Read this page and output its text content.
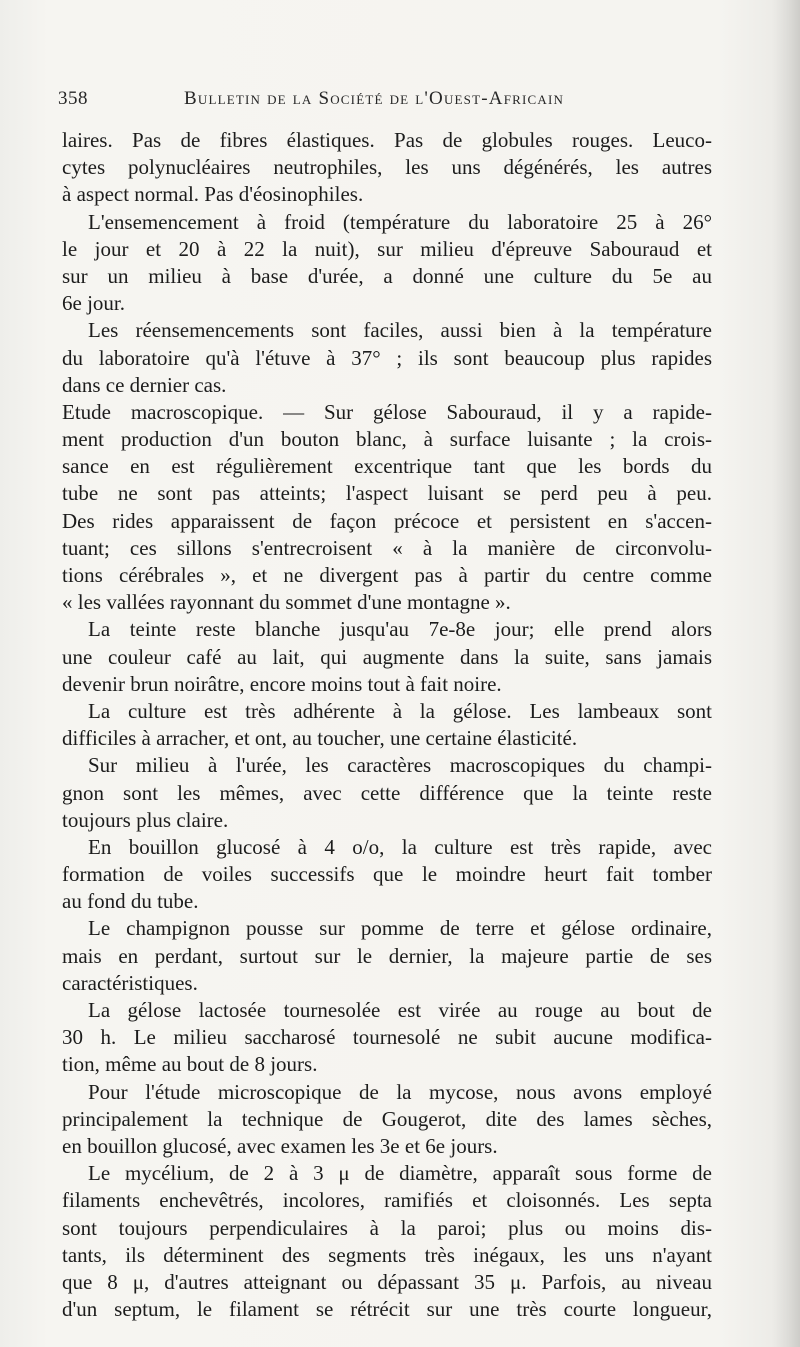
358	Bulletin de la Société de l'Ouest-Africain
laires. Pas de fibres élastiques. Pas de globules rouges. Leuco-
cytes polynucléaires neutrophiles, les uns dégénérés, les autres
à aspect normal. Pas d'éosinophiles.
L'ensemencement à froid (température du laboratoire 25 à 26°
le jour et 20 à 22 la nuit), sur milieu d'épreuve Sabouraud et
sur un milieu à base d'urée, a donné une culture du 5e au
6e jour.
Les réensemencements sont faciles, aussi bien à la température
du laboratoire qu'à l'étuve à 37° ; ils sont beaucoup plus rapides
dans ce dernier cas.
Etude macroscopique. — Sur gélose Sabouraud, il y a rapide-
ment production d'un bouton blanc, à surface luisante ; la crois-
sance en est régulièrement excentrique tant que les bords du
tube ne sont pas atteints; l'aspect luisant se perd peu à peu.
Des rides apparaissent de façon précoce et persistent en s'accen-
tuant; ces sillons s'entrecroisent « à la manière de circonvolu-
tions cérébrales », et ne divergent pas à partir du centre comme
« les vallées rayonnant du sommet d'une montagne ».
La teinte reste blanche jusqu'au 7e-8e jour; elle prend alors
une couleur café au lait, qui augmente dans la suite, sans jamais
devenir brun noirâtre, encore moins tout à fait noire.
La culture est très adhérente à la gélose. Les lambeaux sont
difficiles à arracher, et ont, au toucher, une certaine élasticité.
Sur milieu à l'urée, les caractères macroscopiques du champi-
gnon sont les mêmes, avec cette différence que la teinte reste
toujours plus claire.
En bouillon glucosé à 4 o/o, la culture est très rapide, avec
formation de voiles successifs que le moindre heurt fait tomber
au fond du tube.
Le champignon pousse sur pomme de terre et gélose ordinaire,
mais en perdant, surtout sur le dernier, la majeure partie de ses
caractéristiques.
La gélose lactosée tournesolée est virée au rouge au bout de
30 h. Le milieu saccharosé tournesolé ne subit aucune modifica-
tion, même au bout de 8 jours.
Pour l'étude microscopique de la mycose, nous avons employé
principalement la technique de Gougerot, dite des lames sèches,
en bouillon glucosé, avec examen les 3e et 6e jours.
Le mycélium, de 2 à 3 μ de diamètre, apparaît sous forme de
filaments enchevêtrés, incolores, ramifiés et cloisonnés. Les septa
sont toujours perpendiculaires à la paroi; plus ou moins dis-
tants, ils déterminent des segments très inégaux, les uns n'ayant
que 8 μ, d'autres atteignant ou dépassant 35 μ. Parfois, au niveau
d'un septum, le filament se rétrécit sur une très courte longueur,
